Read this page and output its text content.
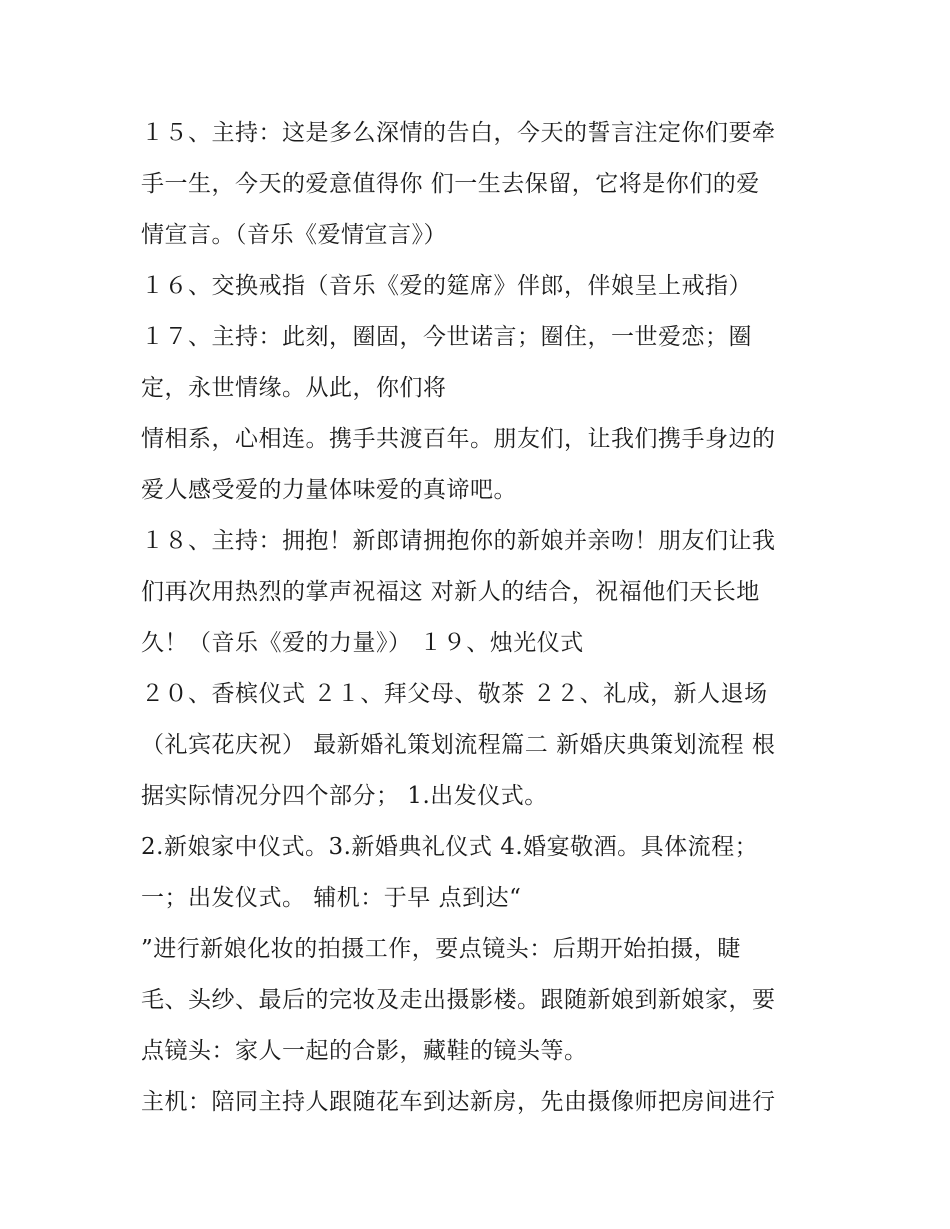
１５、主持：这是多么深情的告白，今天的誓言注定你们要牵
手一生，今天的爱意值得你 们一生去保留，它将是你们的爱
情宣言。（音乐《爱情宣言》）
１６、交换戒指（音乐《爱的筵席》伴郎，伴娘呈上戒指）
１７、主持：此刻，圈固，今世诺言；圈住，一世爱恋；圈
定，永世情缘。从此，你们将
情相系，心相连。携手共渡百年。朋友们，让我们携手身边的
爱人感受爱的力量体味爱的真谛吧。
１８、主持：拥抱！新郎请拥抱你的新娘并亲吻！朋友们让我
们再次用热烈的掌声祝福这 对新人的结合，祝福他们天长地
久！（音乐《爱的力量》） １９、烛光仪式
２０、香槟仪式 ２１、拜父母、敬茶 ２２、礼成，新人退场
（礼宾花庆祝） 最新婚礼策划流程篇二 新婚庆典策划流程 根
据实际情况分四个部分； 1.出发仪式。
2.新娘家中仪式。3.新婚典礼仪式 4.婚宴敬酒。具体流程；
一；出发仪式。 辅机：于早 点到达“
”进行新娘化妆的拍摄工作，要点镜头：后期开始拍摄，睫
毛、头纱、最后的完妆及走出摄影楼。跟随新娘到新娘家，要
点镜头：家人一起的合影，藏鞋的镜头等。
主机：陪同主持人跟随花车到达新房，先由摄像师把房间进行
